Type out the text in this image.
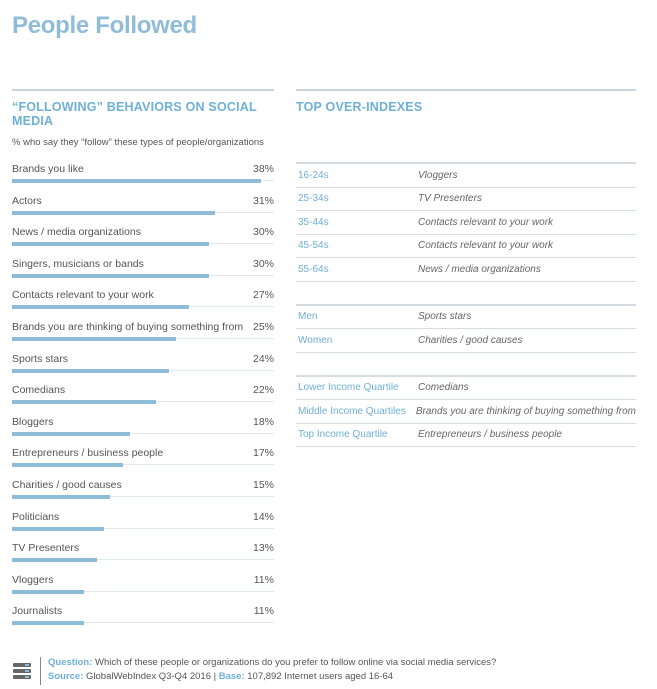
People Followed
“FOLLOWING” BEHAVIORS ON SOCIAL MEDIA
% who say they “follow” these types of people/organizations
Brands you like	38%
Actors	31%
News / media organizations	30%
Singers, musicians or bands	30%
Contacts relevant to your work	27%
Brands you are thinking of buying something from 25%
Sports stars	24%
Comedians	22%
Bloggers	18%
Entrepreneurs / business people	17%
Charities / good causes	15%
Politicians	14%
TV Presenters	13%
Vloggers	11%
Journalists	11%
TOP OVER-INDEXES
16-24s	Vloggers
25-34s	TV Presenters
35-44s	Contacts relevant to your work
45-54s	Contacts relevant to your work
55-64s	News / media organizations
Men	Sports stars
Women	Charities / good causes
Lower Income Quartile	Comedians
Middle Income Quartiles	Brands you are thinking of buying something from
Top Income Quartile	Entrepreneurs / business people
Question: Which of these people or organizations do you prefer to follow online via social media services?
Source: GlobalWebIndex Q3-Q4 2016 | Base: 107,892 Internet users aged 16-64
